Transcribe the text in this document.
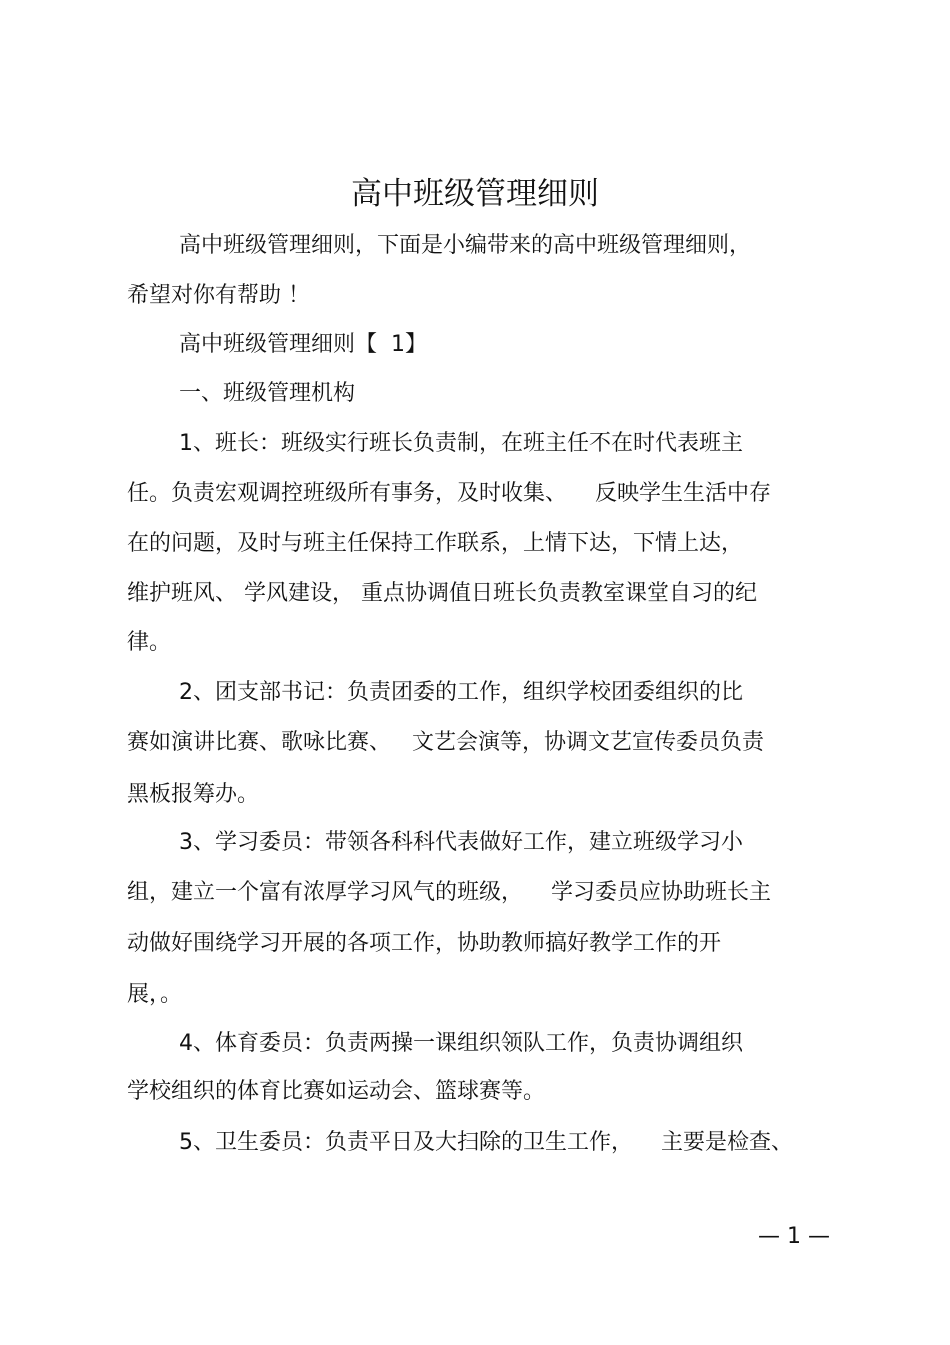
高中班级管理细则
高中班级管理细则，下面是小编带来的高中班级管理细则，
希望对你有帮助 ！
高中班级管理细则【  1】
一、班级管理机构
1、班长：班级实行班长负责制，在班主任不在时代表班主
任。负责宏观调控班级所有事务，及时收集、    反映学生生活中存
在的问题，及时与班主任保持工作联系，上情下达，下情上达，
维护班风、 学风建设， 重点协调值日班长负责教室课堂自习的纪
律。
2、团支部书记：负责团委的工作，组织学校团委组织的比
赛如演讲比赛、歌咏比赛、   文艺会演等，协调文艺宣传委员负责
黑板报筹办。
3、学习委员：带领各科科代表做好工作，建立班级学习小
组，建立一个富有浓厚学习风气的班级，    学习委员应协助班长主
动做好围绕学习开展的各项工作，协助教师搞好教学工作的开
展，。
4、体育委员：负责两操一课组织领队工作，负责协调组织
学校组织的体育比赛如运动会、篮球赛等。
5、卫生委员：负责平日及大扫除的卫生工作，    主要是检查、
— 1 —
